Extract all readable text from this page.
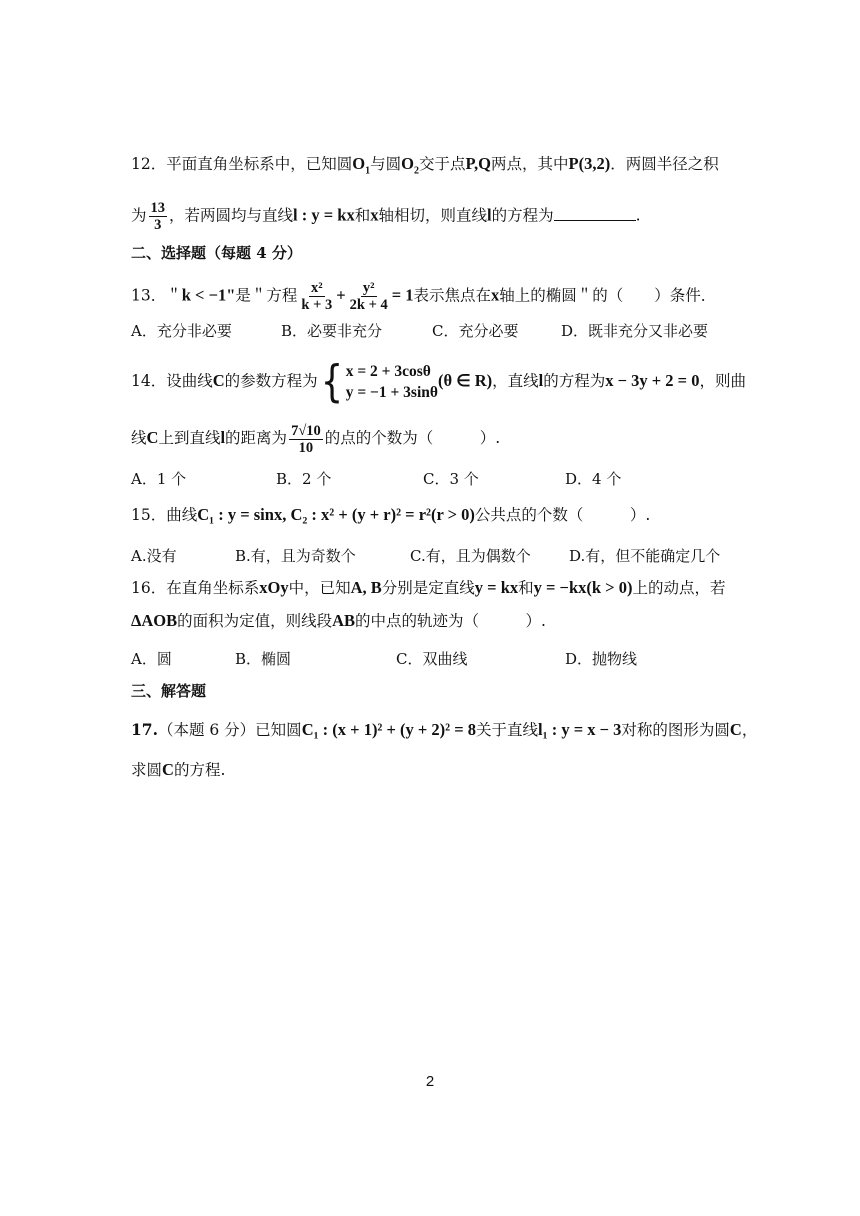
12．平面直角坐标系中，已知圆$O_1$与圆$O_2$交于点P,Q两点，其中P(3,2)．两圆半径之积
为 $\frac{13}{3}$ ，若两圆均与直线l : y = kx和x轴相切，则直线l的方程为	.
二、选择题（每题 4 分）
13．＂k < −1"是＂方程 $\frac{\text{x²}}{k + 3} + \frac{\text{y²}}{2k + 4} = 1$表示焦点在x轴上的椭圆＂的（　　）条件．
A．充分非必要	B．必要非充分	C．充分必要	D．既非充分又非必要
14．设曲线C的参数方程为{ x = 2 + 3cosθ
y = −1 + 3sinθ
(θ ∈ R)，直线l的方程为x − 3y + 2 = 0，则曲
线C上到直线l的距离为 $\frac{7√10}{10}$ 的点的个数为（　　　）.
A．1 个	B．2 个	C．3 个	D．4 个
15．曲线C₁ : y = sinx, C₂ : x² + (y + r)² = r²(r > 0)公共点的个数（　　　）.
A.没有	B.有，且为奇数个	C.有，且为偶数个	D.有，但不能确定几个
16．在直角坐标系xOy中，已知A, B分别是定直线y = kx和y = −kx(k > 0)上的动点，若
ΔAOB的面积为定值，则线段AB的中点的轨迹为（　　　）.
A．圆	B．椭圆	C．双曲线	D．抛物线
三、解答题
17.（本题 6 分）已知圆C₁ : (x + 1)² + (y + 2)² = 8关于直线l₁ : y = x − 3对称的图形为圆C，
求圆C的方程.
2
